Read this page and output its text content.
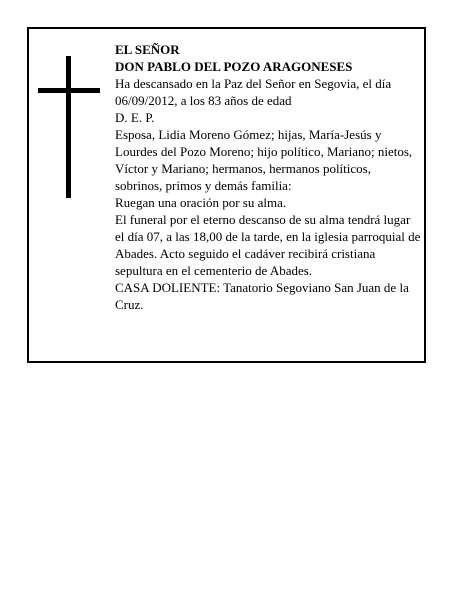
EL SEÑOR

DON PABLO DEL POZO ARAGONESES

Ha descansado en la Paz del Señor en Segovia, el día 06/09/2012, a los 83 años de edad

D. E. P.

Esposa, Lidia Moreno Gómez; hijas, María-Jesús y Lourdes del Pozo Moreno; hijo político, Mariano; nietos, Víctor y Mariano; hermanos, hermanos políticos, sobrinos, primos y demás familia:

Ruegan una oración por su alma.

El funeral por el eterno descanso de su alma tendrá lugar el día 07, a las 18,00 de la tarde, en la iglesia parroquial de Abades. Acto seguido el cadáver recibirá cristiana sepultura en el cementerio de Abades.

CASA DOLIENTE: Tanatorio Segoviano San Juan de la Cruz.
